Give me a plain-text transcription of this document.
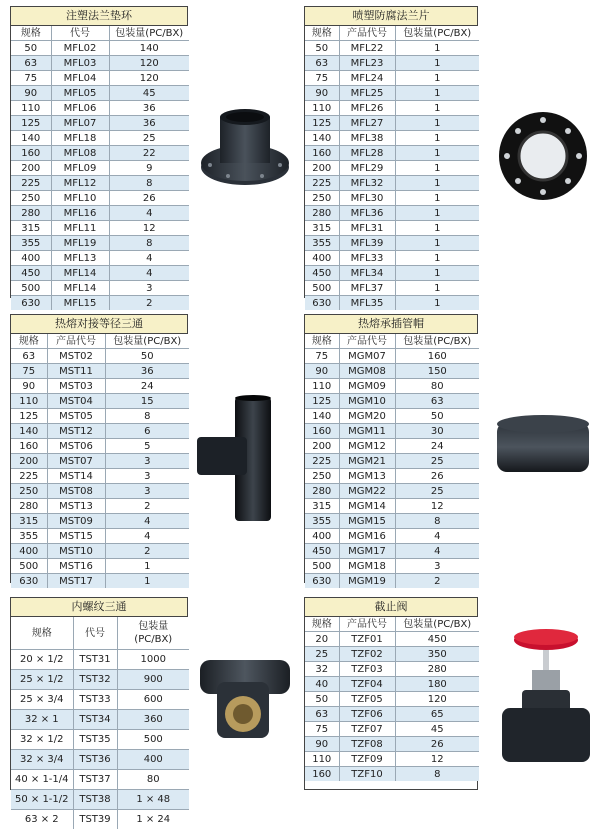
注塑法兰垫环
规格	代号	包装量(PC/BX)
50	MFL02	140
63	MFL03	120
75	MFL04	120
90	MFL05	45
110	MFL06	36
125	MFL07	36
140	MFL18	25
160	MFL08	22
200	MFL09	9
225	MFL12	8
250	MFL10	26
280	MFL16	4
315	MFL11	12
355	MFL19	8
400	MFL13	4
450	MFL14	4
500	MFL14	3
630	MFL15	2
喷塑防腐法兰片
规格	产品代号	包装量(PC/BX)
50	MFL22	1
63	MFL23	1
75	MFL24	1
90	MFL25	1
110	MFL26	1
125	MFL27	1
140	MFL38	1
160	MFL28	1
200	MFL29	1
225	MFL32	1
250	MFL30	1
280	MFL36	1
315	MFL31	1
355	MFL39	1
400	MFL33	1
450	MFL34	1
500	MFL37	1
630	MFL35	1
热熔对接等径三通
规格	产品代号	包装量(PC/BX)
63	MST02	50
75	MST11	36
90	MST03	24
110	MST04	15
125	MST05	8
140	MST12	6
160	MST06	5
200	MST07	3
225	MST14	3
250	MST08	3
280	MST13	2
315	MST09	4
355	MST15	4
400	MST10	2
500	MST16	1
630	MST17	1
热熔承插管帽
规格	产品代号	包装量(PC/BX)
75	MGM07	160
90	MGM08	150
110	MGM09	80
125	MGM10	63
140	MGM20	50
160	MGM11	30
200	MGM12	24
225	MGM21	25
250	MGM13	26
280	MGM22	25
315	MGM14	12
355	MGM15	8
400	MGM16	4
450	MGM17	4
500	MGM18	3
630	MGM19	2
内螺纹三通
规格	代号	包装量
(PC/BX)
20 × 1/2	TST31	1000
25 × 1/2	TST32	900
25 × 3/4	TST33	600
32 × 1	TST34	360
32 × 1/2	TST35	500
32 × 3/4	TST36	400
40 × 1-1/4	TST37	80
50 × 1-1/2	TST38	1 × 48
63 × 2	TST39	1 × 24
截止阀
规格	产品代号	包装量(PC/BX)
20	TZF01	450
25	TZF02	350
32	TZF03	280
40	TZF04	180
50	TZF05	120
63	TZF06	65
75	TZF07	45
90	TZF08	26
110	TZF09	12
160	TZF10	8
